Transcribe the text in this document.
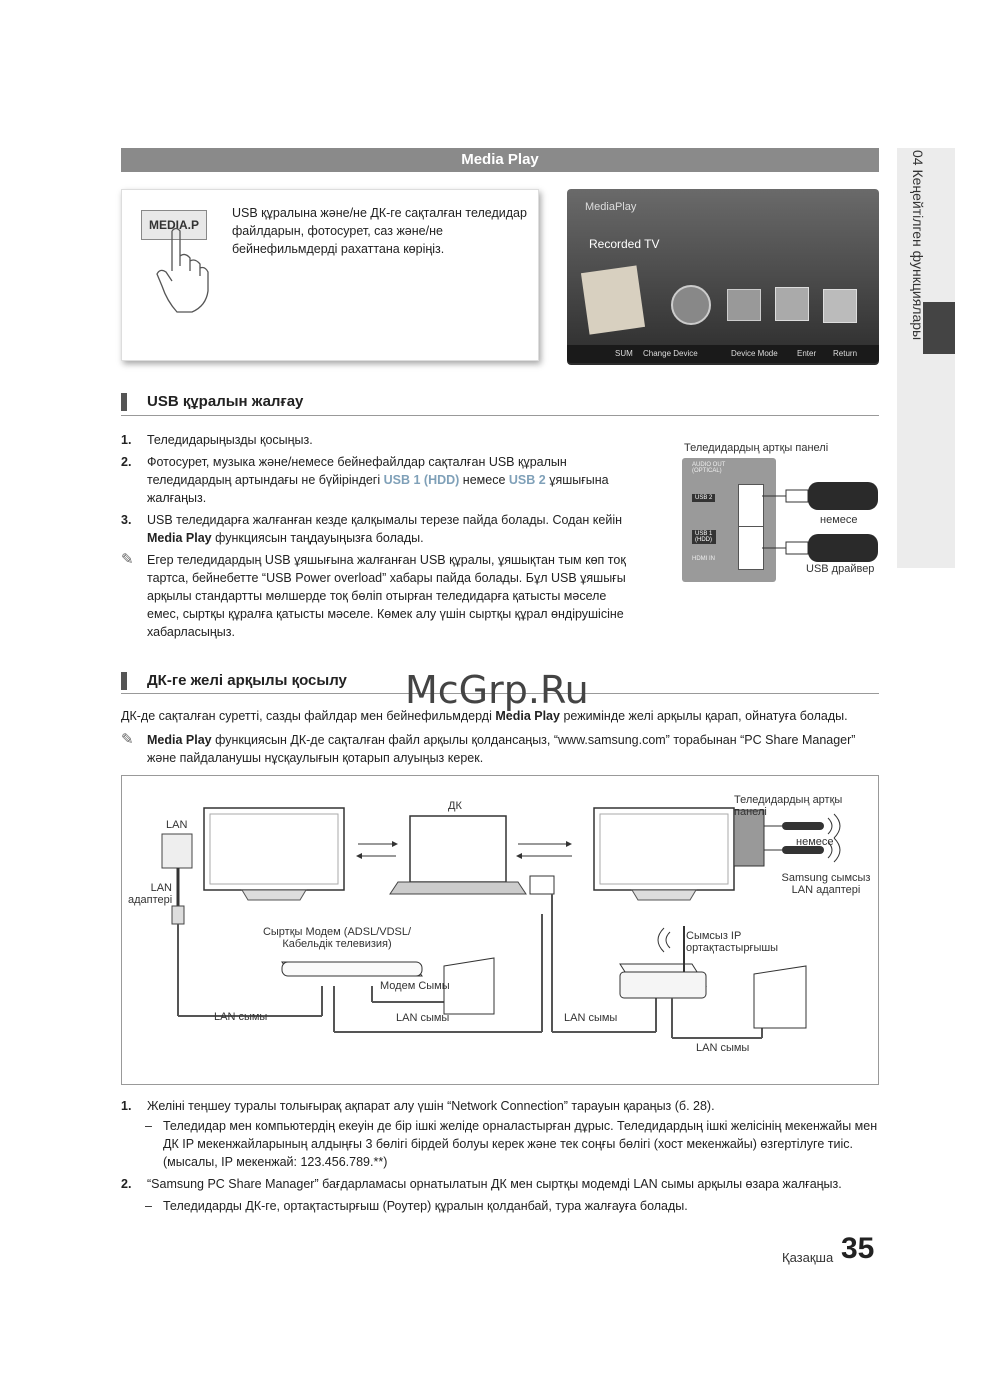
Media Play	04 Кеңейтілген функциялары
MEDIA.P
USB құралына және/не ДК-ге сақталған теледидар файлдарын, фотосурет, саз және/не бейнефильмдерді рахаттана көріңіз.
MediaPlay
Recorded TV
SUM Change Device	Device Mode Enter Return
USB құралын жалғау
1. Теледидарыңызды қосыңыз.
2. Фотосурет, музыка және/немесе бейнефайлдар сақталған USB құралын теледидардың артындағы не бүйіріндегі USB 1 (HDD) немесе USB 2 ұяшығына жалғаңыз.
3. USB теледидарға жалғанған кезде қалқымалы терезе пайда болады. Содан кейін Media Play функциясын таңдауыңызға болады.
✎ Егер теледидардың USB ұяшығына жалғанған USB құралы, ұяшықтан тым көп тоқ тартса, бейнебетте “USB Power overload” хабары пайда болады. Бұл USB ұяшығы арқылы стандартты мөлшерде тоқ бөліп отырған теледидарға қатысты мәселе емес, сыртқы құралға қатысты мәселе. Көмек алу үшін сыртқы құрал өндірушісіне хабарласыңыз.
Теледидардың артқы панелі
AUDIO OUT (OPTICAL)
USB 2
USB 1 (HDD)
HDMI IN
немесе
USB драйвер
ДК-ге желі арқылы қосылу
ДК-де сақталған суретті, сазды файлдар мен бейнефильмдерді Media Play режимінде желі арқылы қарап, ойнатуға болады.
✎ Media Play функциясын ДК-де сақталған файл арқылы қолдансаңыз, “www.samsung.com” торабынан “PC Share Manager” және пайдаланушы нұсқаулығын қотарып алуыңыз керек.
LAN
LAN адаптері
ДК
Сыртқы Модем (ADSL/VDSL/Кабельдік телевизия)
Модем Сымы
LAN сымы	LAN сымы	LAN сымы
LAN сымы
Теледидардың артқы панелі
немесе
Samsung сымсыз LAN адаптері
Сымсыз IP ортақтастырғышы
1. Желіні теңшеу туралы толығырақ ақпарат алу үшін “Network Connection” тарауын қараңыз (б. 28).
– Теледидар мен компьютердің екеуін де бір ішкі желіде орналастырған дұрыс. Теледидардың ішкі желісінің мекенжайы мен ДК IP мекенжайларының алдыңғы 3 бөлігі бірдей болуы керек және тек соңғы бөлігі (хост мекенжайы) өзгертілуге тиіс. (мысалы, IP мекенжай: 123.456.789.**)
2. “Samsung PC Share Manager” бағдарламасы орнатылатын ДК мен сыртқы модемді LAN сымы арқылы өзара жалғаңыз.
– Теледидарды ДК-ге, ортақтастырғыш (Роутер) құралын қолданбай, тура жалғауға болады.
McGrp.Ru
Қазақша 35
